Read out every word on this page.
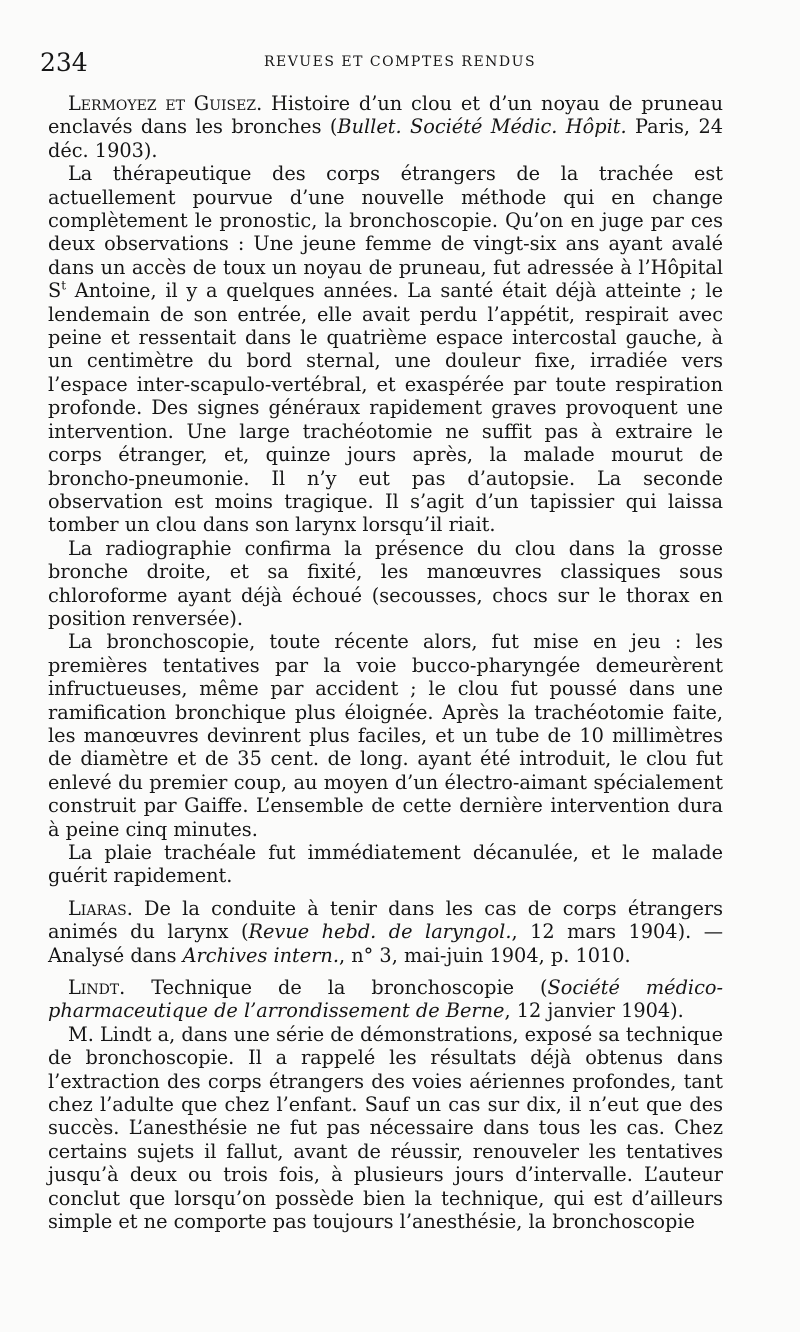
234	REVUES ET COMPTES RENDUS

Lermoyez et Guisez. Histoire d’un clou et d’un noyau de pruneau enclavés dans les bronches (Bullet. Société Médic. Hôpit. Paris, 24 déc. 1903).

La thérapeutique des corps étrangers de la trachée est actuellement pourvue d’une nouvelle méthode qui en change complètement le pronostic, la bronchoscopie. Qu’on en juge par ces deux observations : Une jeune femme de vingt-six ans ayant avalé dans un accès de toux un noyau de pruneau, fut adressée à l’Hôpital $S^t$ Antoine, il y a quelques années. La santé était déjà atteinte ; le lendemain de son entrée, elle avait perdu l’appétit, respirait avec peine et ressentait dans le quatrième espace intercostal gauche, à un centimètre du bord sternal, une douleur fixe, irradiée vers l’espace inter-scapulo-vertébral, et exaspérée par toute respiration profonde. Des signes généraux rapidement graves provoquent une intervention. Une large trachéotomie ne suffit pas à extraire le corps étranger, et, quinze jours après, la malade mourut de broncho-pneumonie. Il n’y eut pas d’autopsie. La seconde observation est moins tragique. Il s’agit d’un tapissier qui laissa tomber un clou dans son larynx lorsqu’il riait.

La radiographie confirma la présence du clou dans la grosse bronche droite, et sa fixité, les manœuvres classiques sous chloroforme ayant déjà échoué (secousses, chocs sur le thorax en position renversée).

La bronchoscopie, toute récente alors, fut mise en jeu : les premières tentatives par la voie bucco-pharyngée demeurèrent infructueuses, même par accident ; le clou fut poussé dans une ramification bronchique plus éloignée. Après la trachéotomie faite, les manœuvres devinrent plus faciles, et un tube de 10 millimètres de diamètre et de 35 cent. de long. ayant été introduit, le clou fut enlevé du premier coup, au moyen d’un électro-aimant spécialement construit par Gaiffe. L’ensemble de cette dernière intervention dura à peine cinq minutes.

La plaie trachéale fut immédiatement décanulée, et le malade guérit rapidement.

Liaras. De la conduite à tenir dans les cas de corps étrangers animés du larynx (Revue hebd. de laryngol., 12 mars 1904). — Analysé dans Archives intern., n° 3, mai-juin 1904, p. 1010.

Lindt. Technique de la bronchoscopie (Société médico-pharmaceutique de l’arrondissement de Berne, 12 janvier 1904).

M. Lindt a, dans une série de démonstrations, exposé sa technique de bronchoscopie. Il a rappelé les résultats déjà obtenus dans l’extraction des corps étrangers des voies aériennes profondes, tant chez l’adulte que chez l’enfant. Sauf un cas sur dix, il n’eut que des succès. L’anesthésie ne fut pas nécessaire dans tous les cas. Chez certains sujets il fallut, avant de réussir, renouveler les tentatives jusqu’à deux ou trois fois, à plusieurs jours d’intervalle. L’auteur conclut que lorsqu’on possède bien la technique, qui est d’ailleurs simple et ne comporte pas toujours l’anesthésie, la bronchoscopie
